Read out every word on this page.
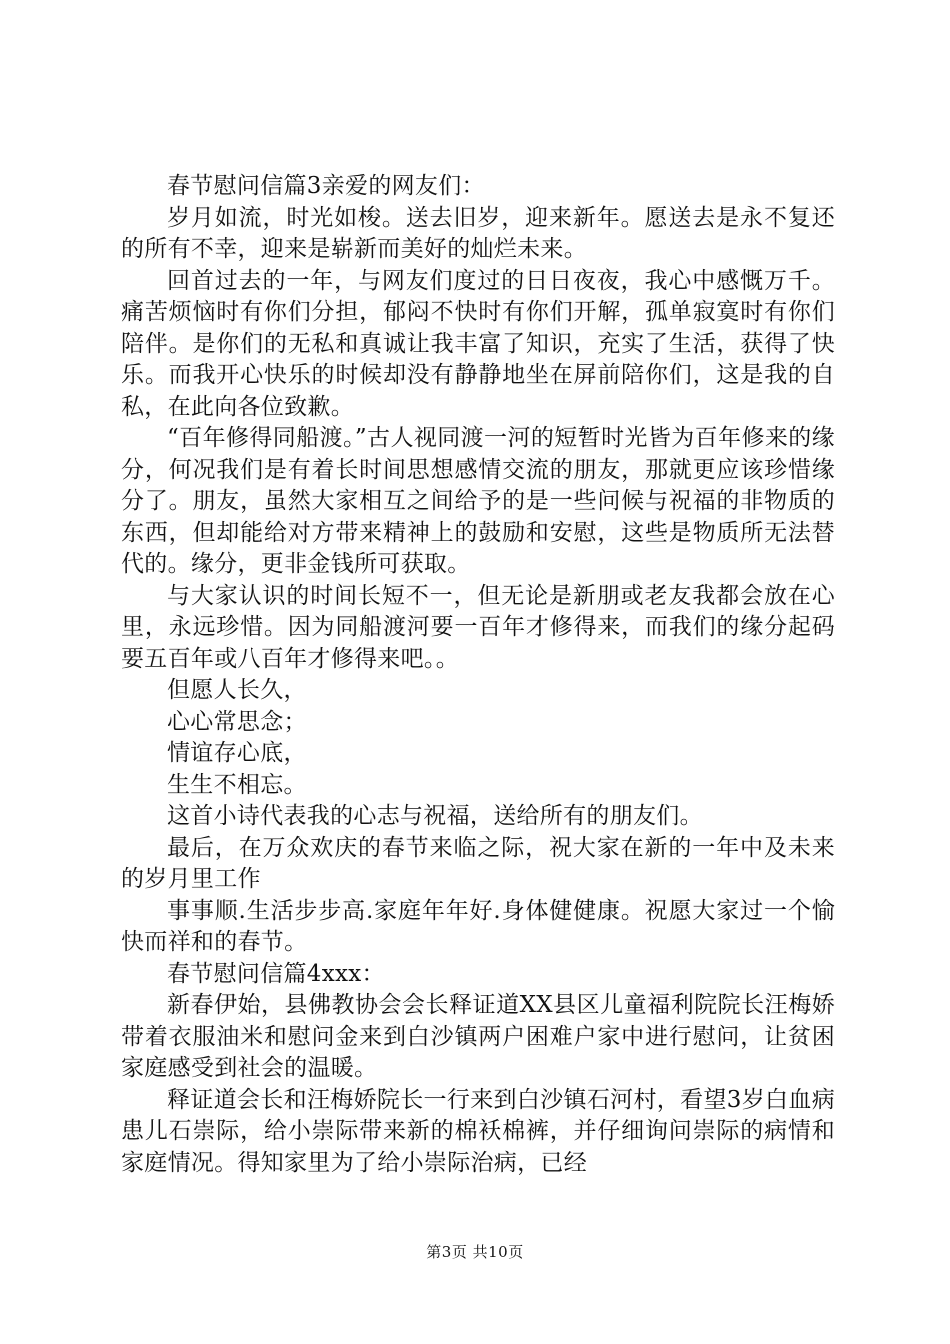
春节慰问信篇3亲爱的网友们：

岁月如流，时光如梭。送去旧岁，迎来新年。愿送去是永不复还的所有不幸，迎来是崭新而美好的灿烂未来。

回首过去的一年，与网友们度过的日日夜夜，我心中感慨万千。痛苦烦恼时有你们分担，郁闷不快时有你们开解，孤单寂寞时有你们陪伴。是你们的无私和真诚让我丰富了知识，充实了生活，获得了快乐。而我开心快乐的时候却没有静静地坐在屏前陪你们，这是我的自私，在此向各位致歉。

“百年修得同船渡。”古人视同渡一河的短暂时光皆为百年修来的缘分，何况我们是有着长时间思想感情交流的朋友，那就更应该珍惜缘分了。朋友，虽然大家相互之间给予的是一些问候与祝福的非物质的东西，但却能给对方带来精神上的鼓励和安慰，这些是物质所无法替代的。缘分，更非金钱所可获取。

与大家认识的时间长短不一，但无论是新朋或老友我都会放在心里，永远珍惜。因为同船渡河要一百年才修得来，而我们的缘分起码要五百年或八百年才修得来吧。。

但愿人长久，

心心常思念；

情谊存心底，

生生不相忘。

这首小诗代表我的心志与祝福，送给所有的朋友们。

最后，在万众欢庆的春节来临之际，祝大家在新的一年中及未来的岁月里工作

事事顺.生活步步高.家庭年年好.身体健健康。祝愿大家过一个愉快而祥和的春节。

春节慰问信篇4xxx：

新春伊始，县佛教协会会长释证道XX县区儿童福利院院长汪梅娇带着衣服油米和慰问金来到白沙镇两户困难户家中进行慰问，让贫困家庭感受到社会的温暖。

释证道会长和汪梅娇院长一行来到白沙镇石河村，看望3岁白血病患儿石崇际，给小崇际带来新的棉袄棉裤，并仔细询问崇际的病情和家庭情况。得知家里为了给小崇际治病，已经

第3页 共10页
